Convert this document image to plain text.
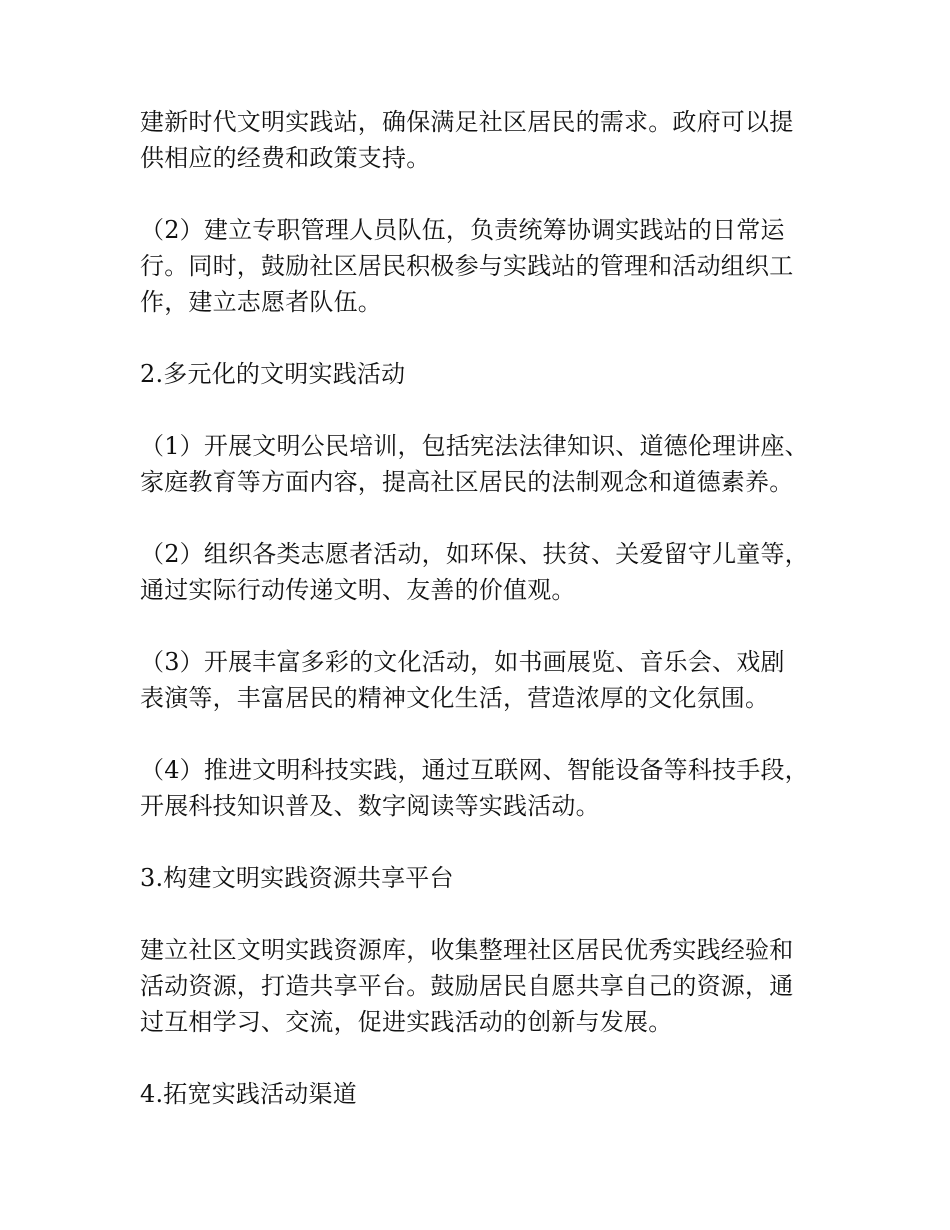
建新时代文明实践站，确保满足社区居民的需求。政府可以提
供相应的经费和政策支持。

（2）建立专职管理人员队伍，负责统筹协调实践站的日常运
行。同时，鼓励社区居民积极参与实践站的管理和活动组织工
作，建立志愿者队伍。

2.多元化的文明实践活动

（1）开展文明公民培训，包括宪法法律知识、道德伦理讲座、
家庭教育等方面内容，提高社区居民的法制观念和道德素养。

（2）组织各类志愿者活动，如环保、扶贫、关爱留守儿童等，
通过实际行动传递文明、友善的价值观。

（3）开展丰富多彩的文化活动，如书画展览、音乐会、戏剧
表演等，丰富居民的精神文化生活，营造浓厚的文化氛围。

（4）推进文明科技实践，通过互联网、智能设备等科技手段，
开展科技知识普及、数字阅读等实践活动。

3.构建文明实践资源共享平台

建立社区文明实践资源库，收集整理社区居民优秀实践经验和
活动资源，打造共享平台。鼓励居民自愿共享自己的资源，通
过互相学习、交流，促进实践活动的创新与发展。

4.拓宽实践活动渠道
